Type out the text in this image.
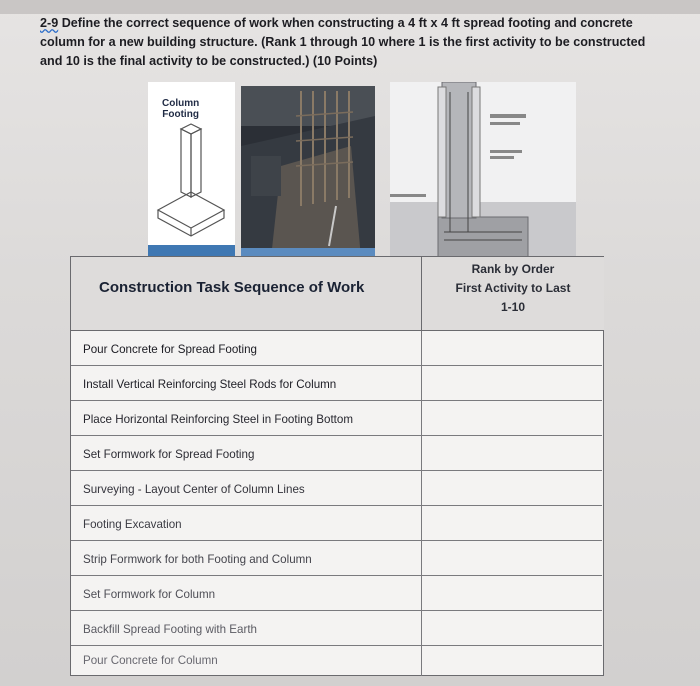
2-9 Define the correct sequence of work when constructing a 4 ft x 4 ft spread footing and concrete column for a new building structure. (Rank 1 through 10 where 1 is the first activity to be constructed and 10 is the final activity to be constructed.) (10 Points)
Column
Footing
Construction Task Sequence of Work
Rank by Order
First Activity to Last
1-10
Pour Concrete for Spread Footing
Install Vertical Reinforcing Steel Rods for Column
Place Horizontal Reinforcing Steel in Footing Bottom
Set Formwork for Spread Footing
Surveying - Layout Center of Column Lines
Footing Excavation
Strip Formwork for both Footing and Column
Set Formwork for Column
Backfill Spread Footing with Earth
Pour Concrete for Column
